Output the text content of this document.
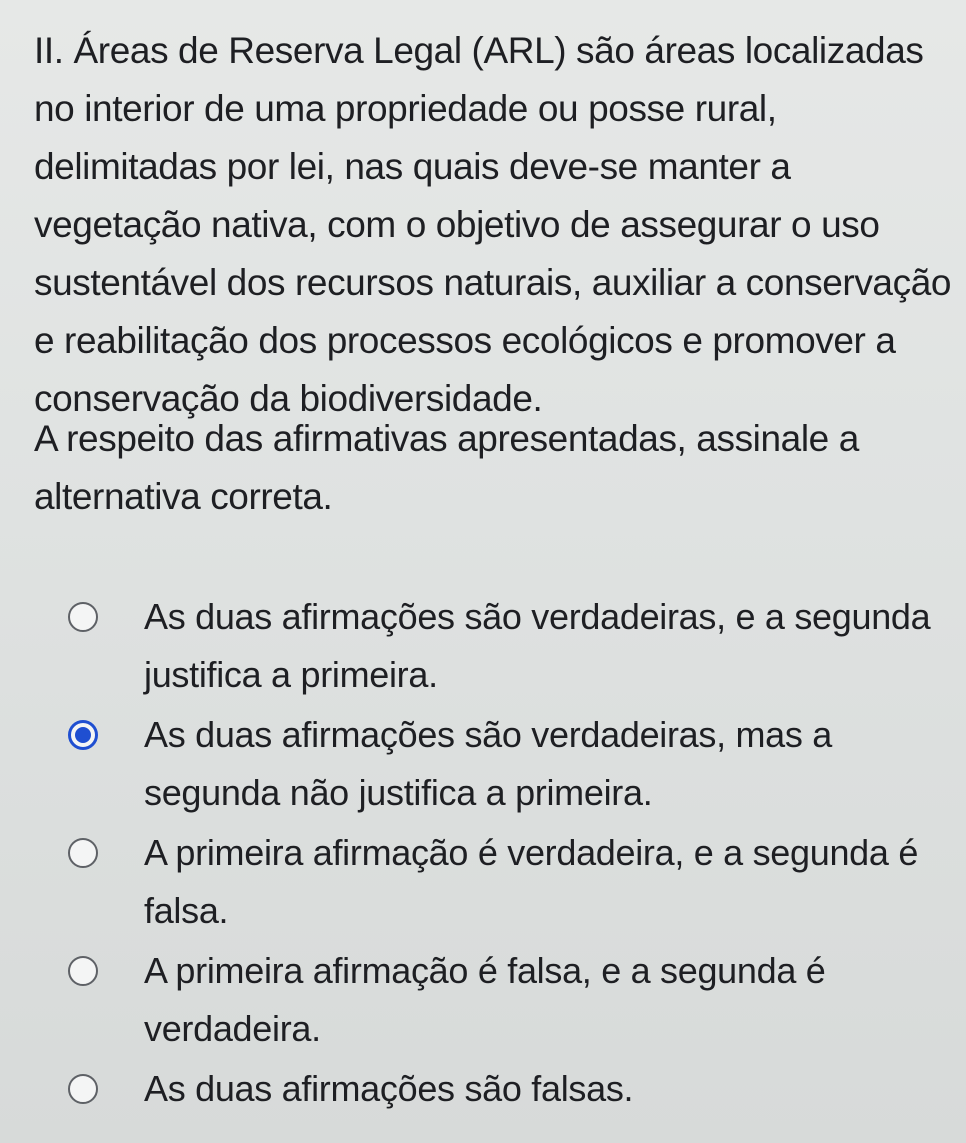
II. Áreas de Reserva Legal (ARL) são áreas localizadas no interior de uma propriedade ou posse rural, delimitadas por lei, nas quais deve-se manter a vegetação nativa, com o objetivo de assegurar o uso sustentável dos recursos naturais, auxiliar a conservação e reabilitação dos processos ecológicos e promover a conservação da biodiversidade.

A respeito das afirmativas apresentadas, assinale a alternativa correta.

As duas afirmações são verdadeiras, e a segunda justifica a primeira.
As duas afirmações são verdadeiras, mas a segunda não justifica a primeira.
A primeira afirmação é verdadeira, e a segunda é falsa.
A primeira afirmação é falsa, e a segunda é verdadeira.
As duas afirmações são falsas.
